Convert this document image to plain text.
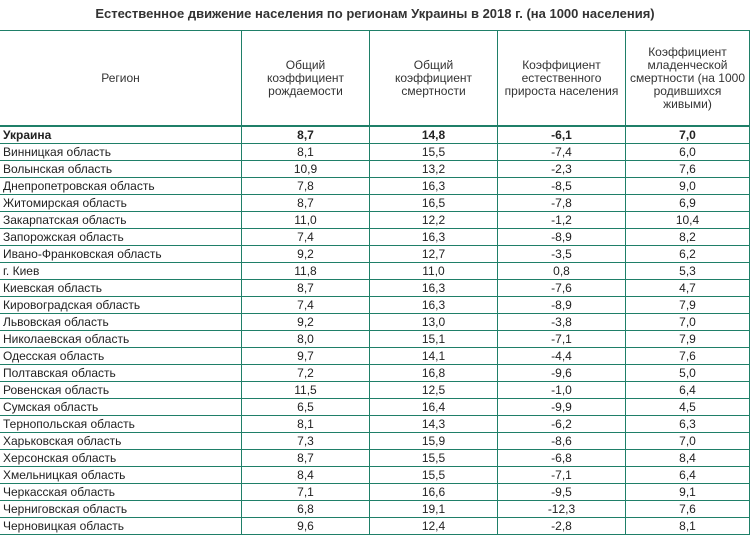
Естественное движение населения по регионам Украины в 2018 г. (на 1000 населения)
Регион	Общий коэффициент рождаемости	Общий коэффициент смертности	Коэффициент естественного прироста населения	Коэффициент младенческой смертности (на 1000 родившихся живыми)
Украина	8,7	14,8	-6,1	7,0
Винницкая область	8,1	15,5	-7,4	6,0
Волынская область	10,9	13,2	-2,3	7,6
Днепропетровская область	7,8	16,3	-8,5	9,0
Житомирская область	8,7	16,5	-7,8	6,9
Закарпатская область	11,0	12,2	-1,2	10,4
Запорожская область	7,4	16,3	-8,9	8,2
Ивано-Франковская область	9,2	12,7	-3,5	6,2
г. Киев	11,8	11,0	0,8	5,3
Киевская область	8,7	16,3	-7,6	4,7
Кировоградская область	7,4	16,3	-8,9	7,9
Львовская область	9,2	13,0	-3,8	7,0
Николаевская область	8,0	15,1	-7,1	7,9
Одесская область	9,7	14,1	-4,4	7,6
Полтавская область	7,2	16,8	-9,6	5,0
Ровенская область	11,5	12,5	-1,0	6,4
Сумская область	6,5	16,4	-9,9	4,5
Тернопольская область	8,1	14,3	-6,2	6,3
Харьковская область	7,3	15,9	-8,6	7,0
Херсонская область	8,7	15,5	-6,8	8,4
Хмельницкая область	8,4	15,5	-7,1	6,4
Черкасская область	7,1	16,6	-9,5	9,1
Черниговская область	6,8	19,1	-12,3	7,6
Черновицкая область	9,6	12,4	-2,8	8,1
